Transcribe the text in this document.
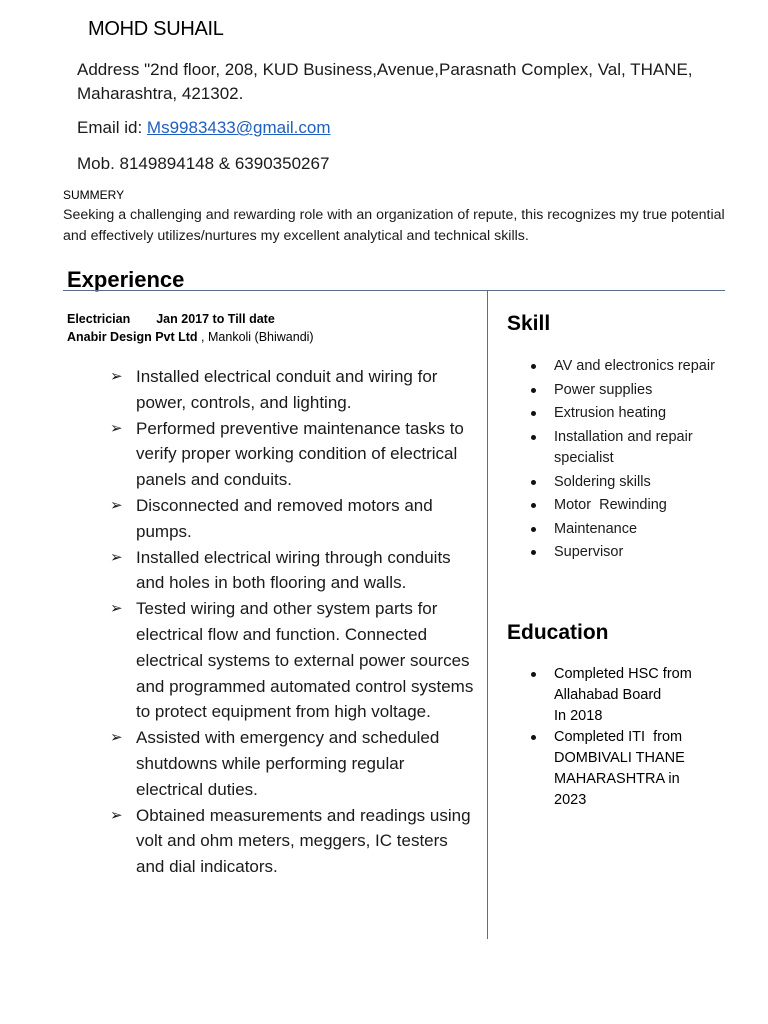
MOHD SUHAIL
Address "2nd floor, 208, KUD Business,Avenue,Parasnath Complex, Val, THANE, Maharashtra, 421302.
Email id: Ms9983433@gmail.com
Mob. 8149894148 & 6390350267
SUMMERY
Seeking a challenging and rewarding role with an organization of repute, this recognizes my true potential and effectively utilizes/nurtures my excellent analytical and technical skills.
Experience
Electrician Jan 2017 to Till date
Anabir Design Pvt Ltd , Mankoli (Bhiwandi)
➢ Installed electrical conduit and wiring for power, controls, and lighting.
➢ Performed preventive maintenance tasks to verify proper working condition of electrical panels and conduits.
➢ Disconnected and removed motors and pumps.
➢ Installed electrical wiring through conduits and holes in both flooring and walls.
➢ Tested wiring and other system parts for electrical flow and function. Connected electrical systems to external power sources and programmed automated control systems to protect equipment from high voltage.
➢ Assisted with emergency and scheduled shutdowns while performing regular electrical duties.
➢ Obtained measurements and readings using volt and ohm meters, meggers, IC testers and dial indicators.
Skill
AV and electronics repair
Power supplies
Extrusion heating
Installation and repair specialist
Soldering skills
Motor  Rewinding
Maintenance
Supervisor
Education
Completed HSC from
Allahabad Board
In 2018
Completed ITI  from
DOMBIVALI THANE
MAHARASHTRA in
2023
